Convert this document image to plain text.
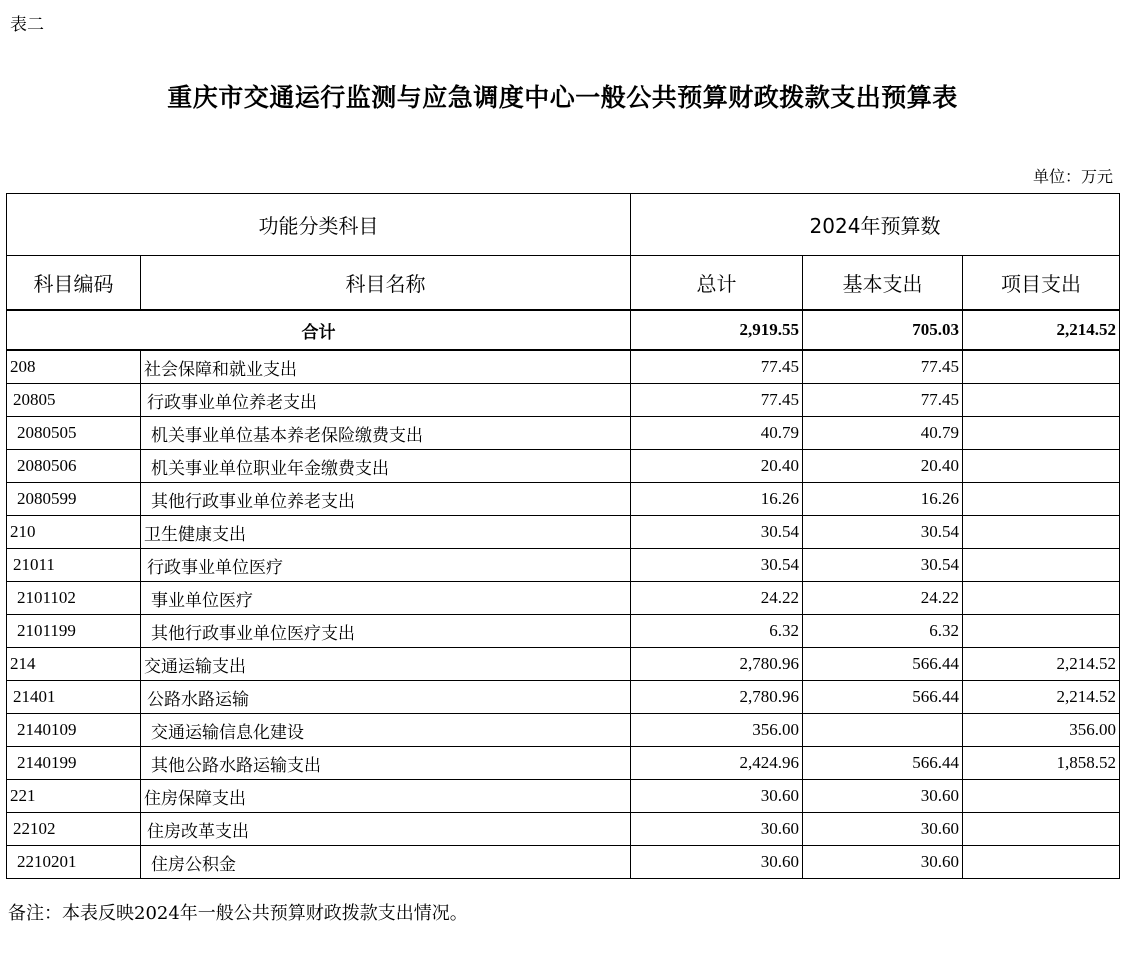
表二
重庆市交通运行监测与应急调度中心一般公共预算财政拨款支出预算表
单位：万元
功能分类科目		2024年预算数		
科目编码	科目名称	总计	基本支出	项目支出
合计		2,919.55	705.03	2,214.52
208	社会保障和就业支出	77.45	77.45	
20805	行政事业单位养老支出	77.45	77.45	
2080505	机关事业单位基本养老保险缴费支出	40.79	40.79	
2080506	机关事业单位职业年金缴费支出	20.40	20.40	
2080599	其他行政事业单位养老支出	16.26	16.26	
210	卫生健康支出	30.54	30.54	
21011	行政事业单位医疗	30.54	30.54	
2101102	事业单位医疗	24.22	24.22	
2101199	其他行政事业单位医疗支出	6.32	6.32	
214	交通运输支出	2,780.96	566.44	2,214.52
21401	公路水路运输	2,780.96	566.44	2,214.52
2140109	交通运输信息化建设	356.00		356.00
2140199	其他公路水路运输支出	2,424.96	566.44	1,858.52
221	住房保障支出	30.60	30.60	
22102	住房改革支出	30.60	30.60	
2210201	住房公积金	30.60	30.60	
备注：本表反映2024年一般公共预算财政拨款支出情况。
